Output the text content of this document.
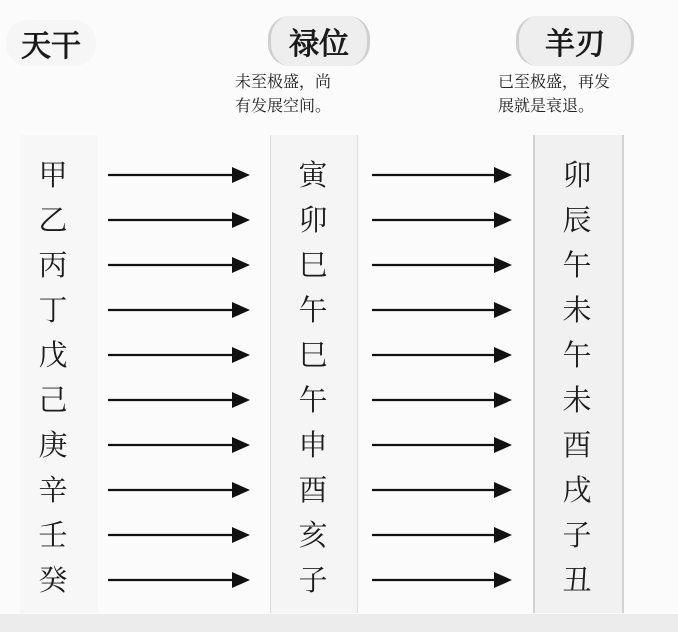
天干	禄位	羊刃
未至极盛，尚
有发展空间。
已至极盛，再发
展就是衰退。
甲	寅	卯
乙	卯	辰
丙	巳	午
丁	午	未
戊	巳	午
己	午	未
庚	申	酉
辛	酉	戌
壬	亥	子
癸	子	丑
